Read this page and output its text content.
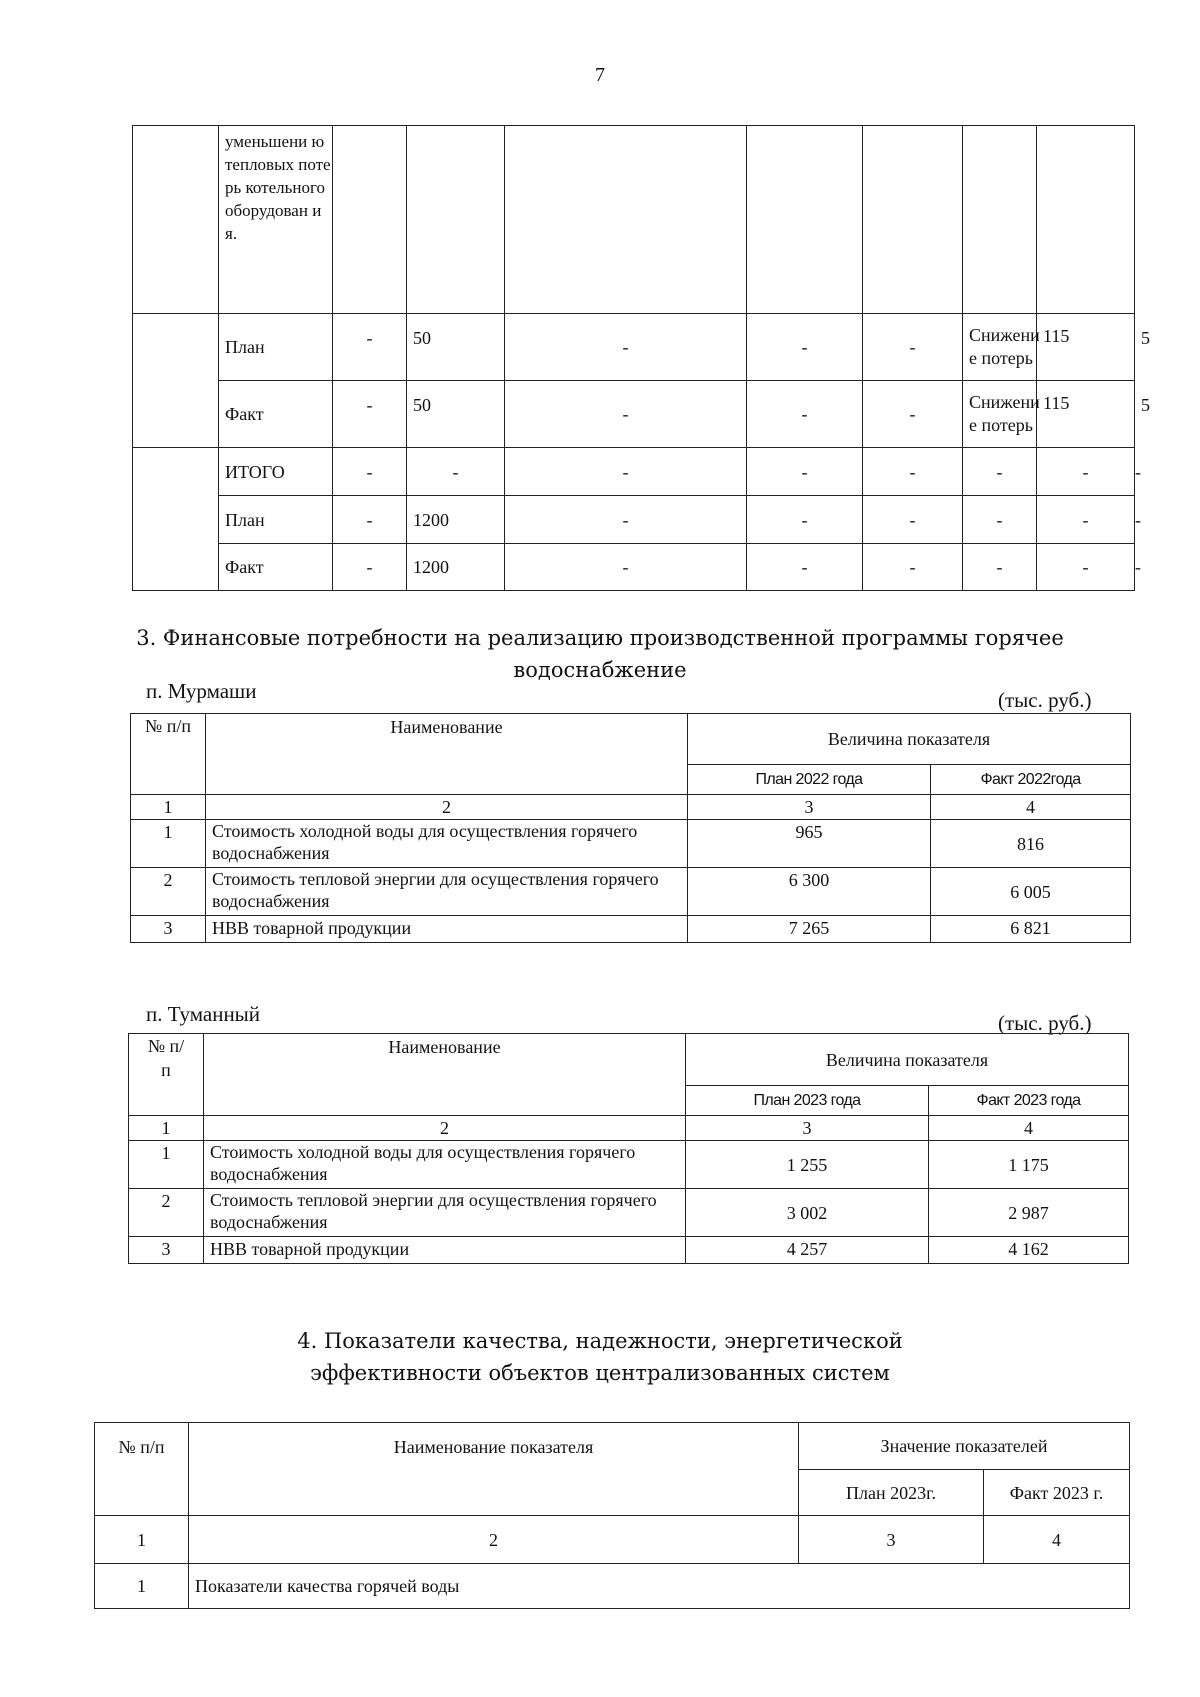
7
	уменьшени ю тепловых потерь котельного оборудован ия.								
	План	-	50	-	-	-	Снижени е потерь	115	5
	Факт	-	50	-	-	-	Снижени е потерь	115	5
	ИТОГО	-	-	-	-	-	-	-	-
	План	-	1200	-	-	-	-	-	-
	Факт	-	1200	-	-	-	-	-	-
3. Финансовые потребности на реализацию производственной программы горячее
водоснабжение
п. Мурмаши	(тыс. руб.)
№ п/п	Наименование	Величина показателя	
		План 2022 года	Факт 2022года
1	2	3	4
1	Стоимость холодной воды для осуществления горячего водоснабжения	965	816
2	Стоимость тепловой энергии для осуществления горячего водоснабжения	6 300	6 005
3	НВВ товарной продукции	7 265	6 821
п. Туманный	(тыс. руб.)
№ п/п	Наименование	Величина показателя	
		План 2023 года	Факт 2023 года
1	2	3	4
1	Стоимость холодной воды для осуществления горячего водоснабжения	1 255	1 175
2	Стоимость тепловой энергии для осуществления горячего водоснабжения	3 002	2 987
3	НВВ товарной продукции	4 257	4 162
4. Показатели качества, надежности, энергетической
эффективности объектов централизованных систем
№ п/п	Наименование показателя	Значение показателей	
		План 2023г.	Факт 2023 г.
1	2	3	4
1	Показатели качества горячей воды		
